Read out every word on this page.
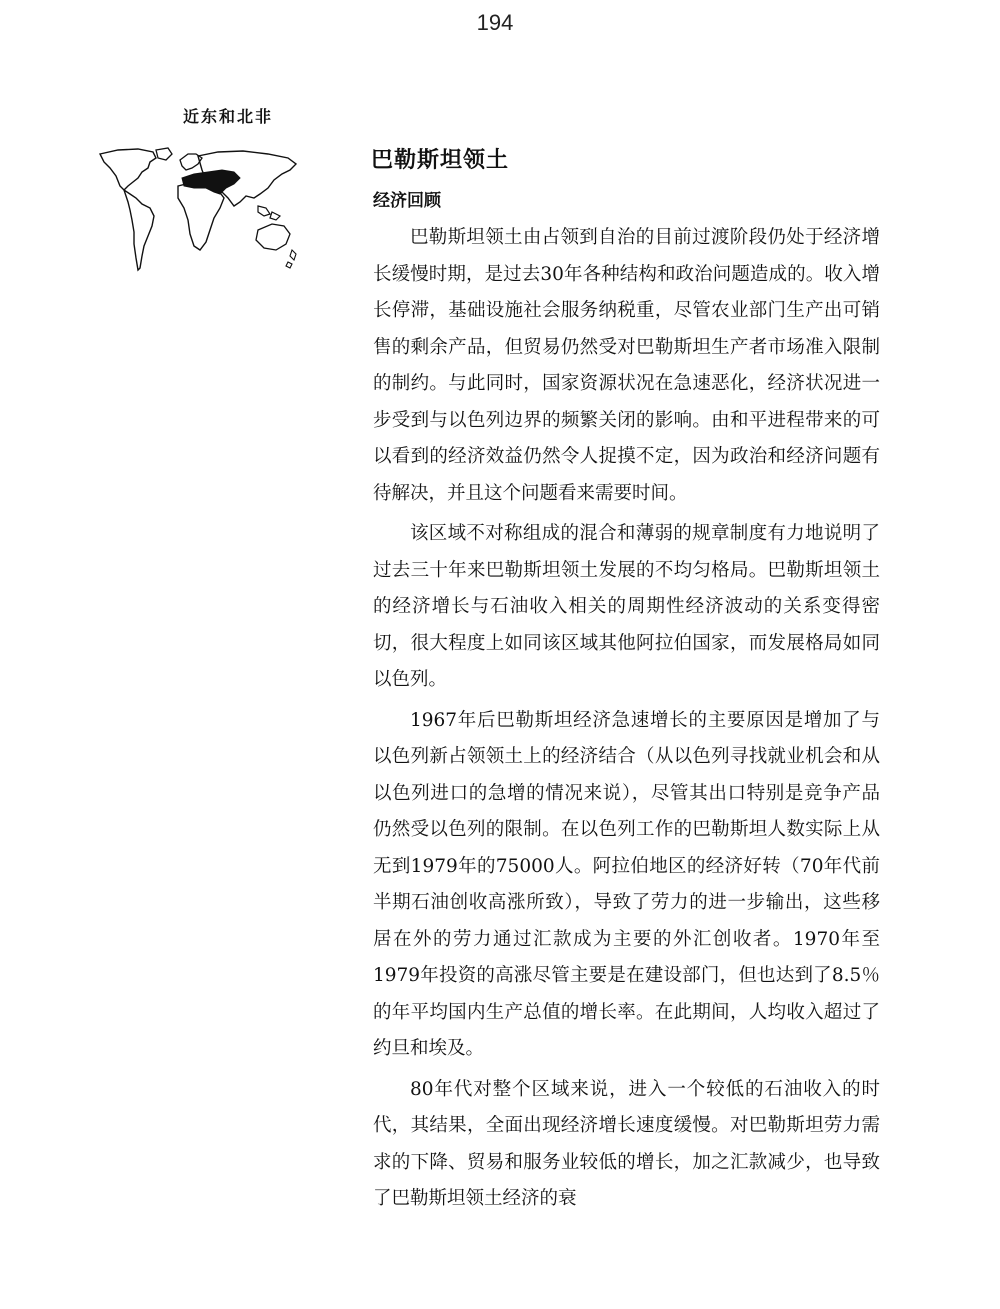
194
近东和北非
巴勒斯坦领土
经济回顾

巴勒斯坦领土由占领到自治的目前过渡阶段仍处于经济增长缓慢时期，是过去30年各种结构和政治问题造成的。收入增长停滞，基础设施社会服务纳税重，尽管农业部门生产出可销售的剩余产品，但贸易仍然受对巴勒斯坦生产者市场准入限制的制约。与此同时，国家资源状况在急速恶化，经济状况进一步受到与以色列边界的频繁关闭的影响。由和平进程带来的可以看到的经济效益仍然令人捉摸不定，因为政治和经济问题有待解决，并且这个问题看来需要时间。

该区域不对称组成的混合和薄弱的规章制度有力地说明了过去三十年来巴勒斯坦领土发展的不均匀格局。巴勒斯坦领土的经济增长与石油收入相关的周期性经济波动的关系变得密切，很大程度上如同该区域其他阿拉伯国家，而发展格局如同以色列。

1967年后巴勒斯坦经济急速增长的主要原因是增加了与以色列新占领领土上的经济结合（从以色列寻找就业机会和从以色列进口的急增的情况来说），尽管其出口特别是竞争产品仍然受以色列的限制。在以色列工作的巴勒斯坦人数实际上从无到1979年的75000人。阿拉伯地区的经济好转（70年代前半期石油创收高涨所致），导致了劳力的进一步输出，这些移居在外的劳力通过汇款成为主要的外汇创收者。1970年至1979年投资的高涨尽管主要是在建设部门，但也达到了8.5％的年平均国内生产总值的增长率。在此期间，人均收入超过了约旦和埃及。

80年代对整个区域来说，进入一个较低的石油收入的时代，其结果，全面出现经济增长速度缓慢。对巴勒斯坦劳力需求的下降、贸易和服务业较低的增长，加之汇款减少，也导致了巴勒斯坦领土经济的衰
